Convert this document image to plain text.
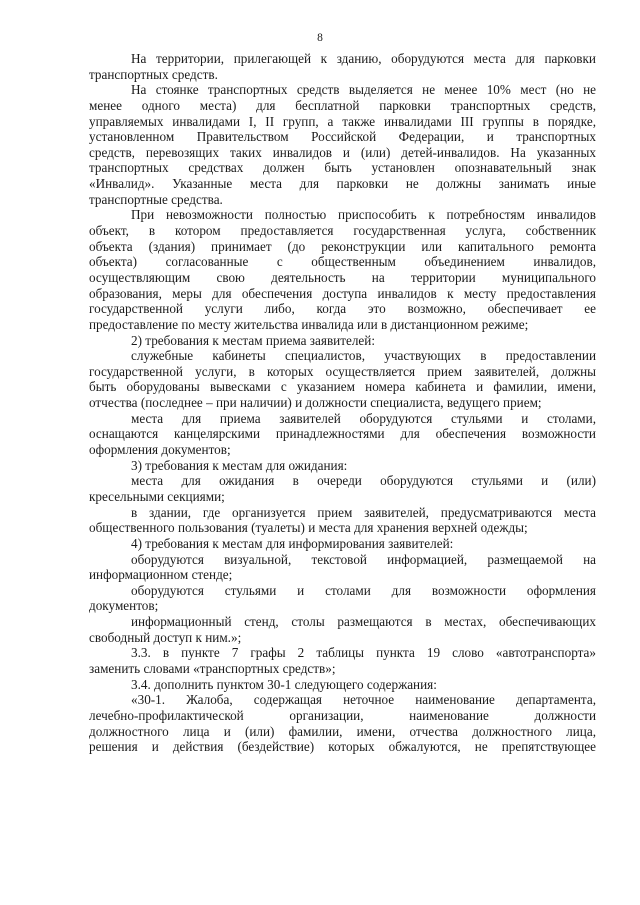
8
На территории, прилегающей к зданию, оборудуются места для парковки
транспортных средств.
На стоянке транспортных средств выделяется не менее 10% мест (но не
менее одного места) для бесплатной парковки транспортных средств,
управляемых инвалидами I, II групп, а также инвалидами III группы в порядке,
установленном Правительством Российской Федерации, и транспортных
средств, перевозящих таких инвалидов и (или) детей-инвалидов. На указанных
транспортных средствах должен быть установлен опознавательный знак
«Инвалид». Указанные места для парковки не должны занимать иные
транспортные средства.
При невозможности полностью приспособить к потребностям инвалидов
объект, в котором предоставляется государственная услуга, собственник
объекта (здания) принимает (до реконструкции или капитального ремонта
объекта) согласованные с общественным объединением инвалидов,
осуществляющим свою деятельность на территории муниципального
образования, меры для обеспечения доступа инвалидов к месту предоставления
государственной услуги либо, когда это возможно, обеспечивает ее
предоставление по месту жительства инвалида или в дистанционном режиме;
2) требования к местам приема заявителей:
служебные кабинеты специалистов, участвующих в предоставлении
государственной услуги, в которых осуществляется прием заявителей, должны
быть оборудованы вывесками с указанием номера кабинета и фамилии, имени,
отчества (последнее – при наличии) и должности специалиста, ведущего прием;
места для приема заявителей оборудуются стульями и столами,
оснащаются канцелярскими принадлежностями для обеспечения возможности
оформления документов;
3) требования к местам для ожидания:
места для ожидания в очереди оборудуются стульями и (или)
кресельными секциями;
в здании, где организуется прием заявителей, предусматриваются места
общественного пользования (туалеты) и места для хранения верхней одежды;
4) требования к местам для информирования заявителей:
оборудуются визуальной, текстовой информацией, размещаемой на
информационном стенде;
оборудуются стульями и столами для возможности оформления
документов;
информационный стенд, столы размещаются в местах, обеспечивающих
свободный доступ к ним.»;
3.3. в пункте 7 графы 2 таблицы пункта 19 слово «автотранспорта»
заменить словами «транспортных средств»;
3.4. дополнить пунктом 30-1 следующего содержания:
«30-1. Жалоба, содержащая неточное наименование департамента,
лечебно-профилактической организации, наименование должности
должностного лица и (или) фамилии, имени, отчества должностного лица,
решения и действия (бездействие) которых обжалуются, не препятствующее
